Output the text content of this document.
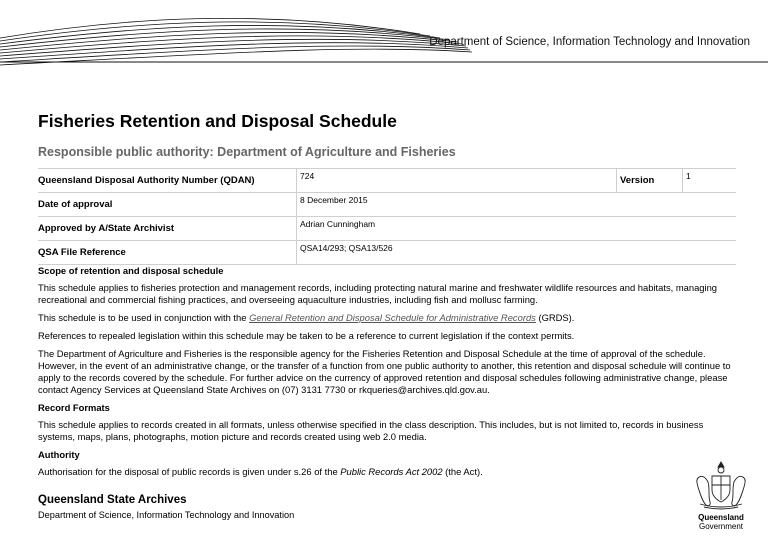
Department of Science, Information Technology and Innovation
Fisheries Retention and Disposal Schedule
Responsible public authority: Department of Agriculture and Fisheries
Queensland Disposal Authority Number (QDAN)	724	Version	1
Date of approval	8 December 2015		
Approved by A/State Archivist	Adrian Cunningham		
QSA File Reference	QSA14/293; QSA13/526		
Scope of retention and disposal schedule

This schedule applies to fisheries protection and management records, including protecting natural marine and freshwater wildlife resources and habitats, managing recreational and commercial fishing practices, and overseeing aquaculture industries, including fish and mollusc farming.

This schedule is to be used in conjunction with the General Retention and Disposal Schedule for Administrative Records (GRDS).

References to repealed legislation within this schedule may be taken to be a reference to current legislation if the context permits.

The Department of Agriculture and Fisheries is the responsible agency for the Fisheries Retention and Disposal Schedule at the time of approval of the schedule. However, in the event of an administrative change, or the transfer of a function from one public authority to another, this retention and disposal schedule will continue to apply to the records covered by the schedule. For further advice on the currency of approved retention and disposal schedules following administrative change, please contact Agency Services at Queensland State Archives on (07) 3131 7730 or rkqueries@archives.qld.gov.au.

Record Formats

This schedule applies to records created in all formats, unless otherwise specified in the class description. This includes, but is not limited to, records in business systems, maps, plans, photographs, motion picture and records created using web 2.0 media.

Authority

Authorisation for the disposal of public records is given under s.26 of the Public Records Act 2002 (the Act).

Queensland State Archives
Department of Science, Information Technology and Innovation	Queensland
Government
